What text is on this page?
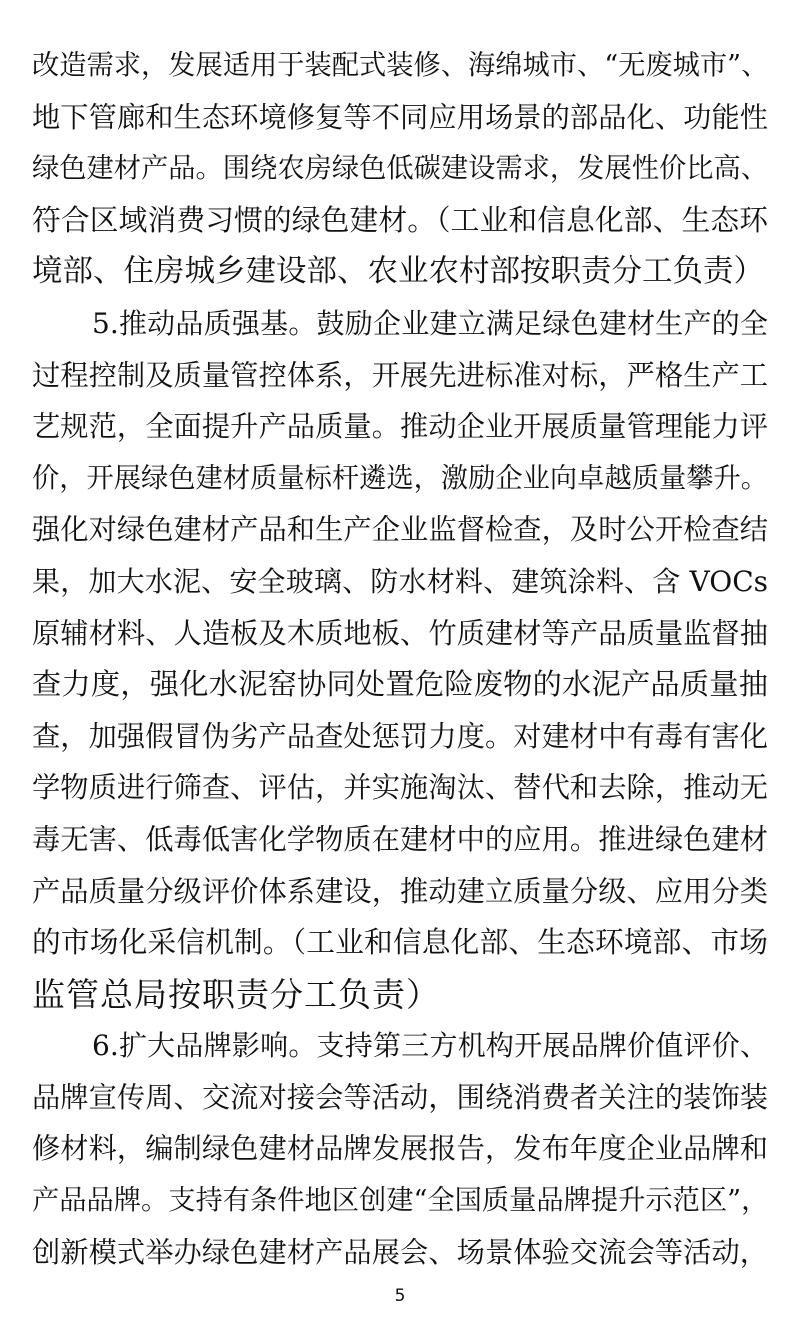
改造需求，发展适用于装配式装修、海绵城市、“无废城市”、
地下管廊和生态环境修复等不同应用场景的部品化、功能性
绿色建材产品。围绕农房绿色低碳建设需求，发展性价比高、
符合区域消费习惯的绿色建材。（工业和信息化部、生态环
境部、住房城乡建设部、农业农村部按职责分工负责）
5.推动品质强基。鼓励企业建立满足绿色建材生产的全
过程控制及质量管控体系，开展先进标准对标，严格生产工
艺规范，全面提升产品质量。推动企业开展质量管理能力评
价，开展绿色建材质量标杆遴选，激励企业向卓越质量攀升。
强化对绿色建材产品和生产企业监督检查，及时公开检查结
果，加大水泥、安全玻璃、防水材料、建筑涂料、含 VOCs
原辅材料、人造板及木质地板、竹质建材等产品质量监督抽
查力度，强化水泥窑协同处置危险废物的水泥产品质量抽
查，加强假冒伪劣产品查处惩罚力度。对建材中有毒有害化
学物质进行筛查、评估，并实施淘汰、替代和去除，推动无
毒无害、低毒低害化学物质在建材中的应用。推进绿色建材
产品质量分级评价体系建设，推动建立质量分级、应用分类
的市场化采信机制。（工业和信息化部、生态环境部、市场
监管总局按职责分工负责）
6.扩大品牌影响。支持第三方机构开展品牌价值评价、
品牌宣传周、交流对接会等活动，围绕消费者关注的装饰装
修材料，编制绿色建材品牌发展报告，发布年度企业品牌和
产品品牌。支持有条件地区创建“全国质量品牌提升示范区”，
创新模式举办绿色建材产品展会、场景体验交流会等活动，
5
